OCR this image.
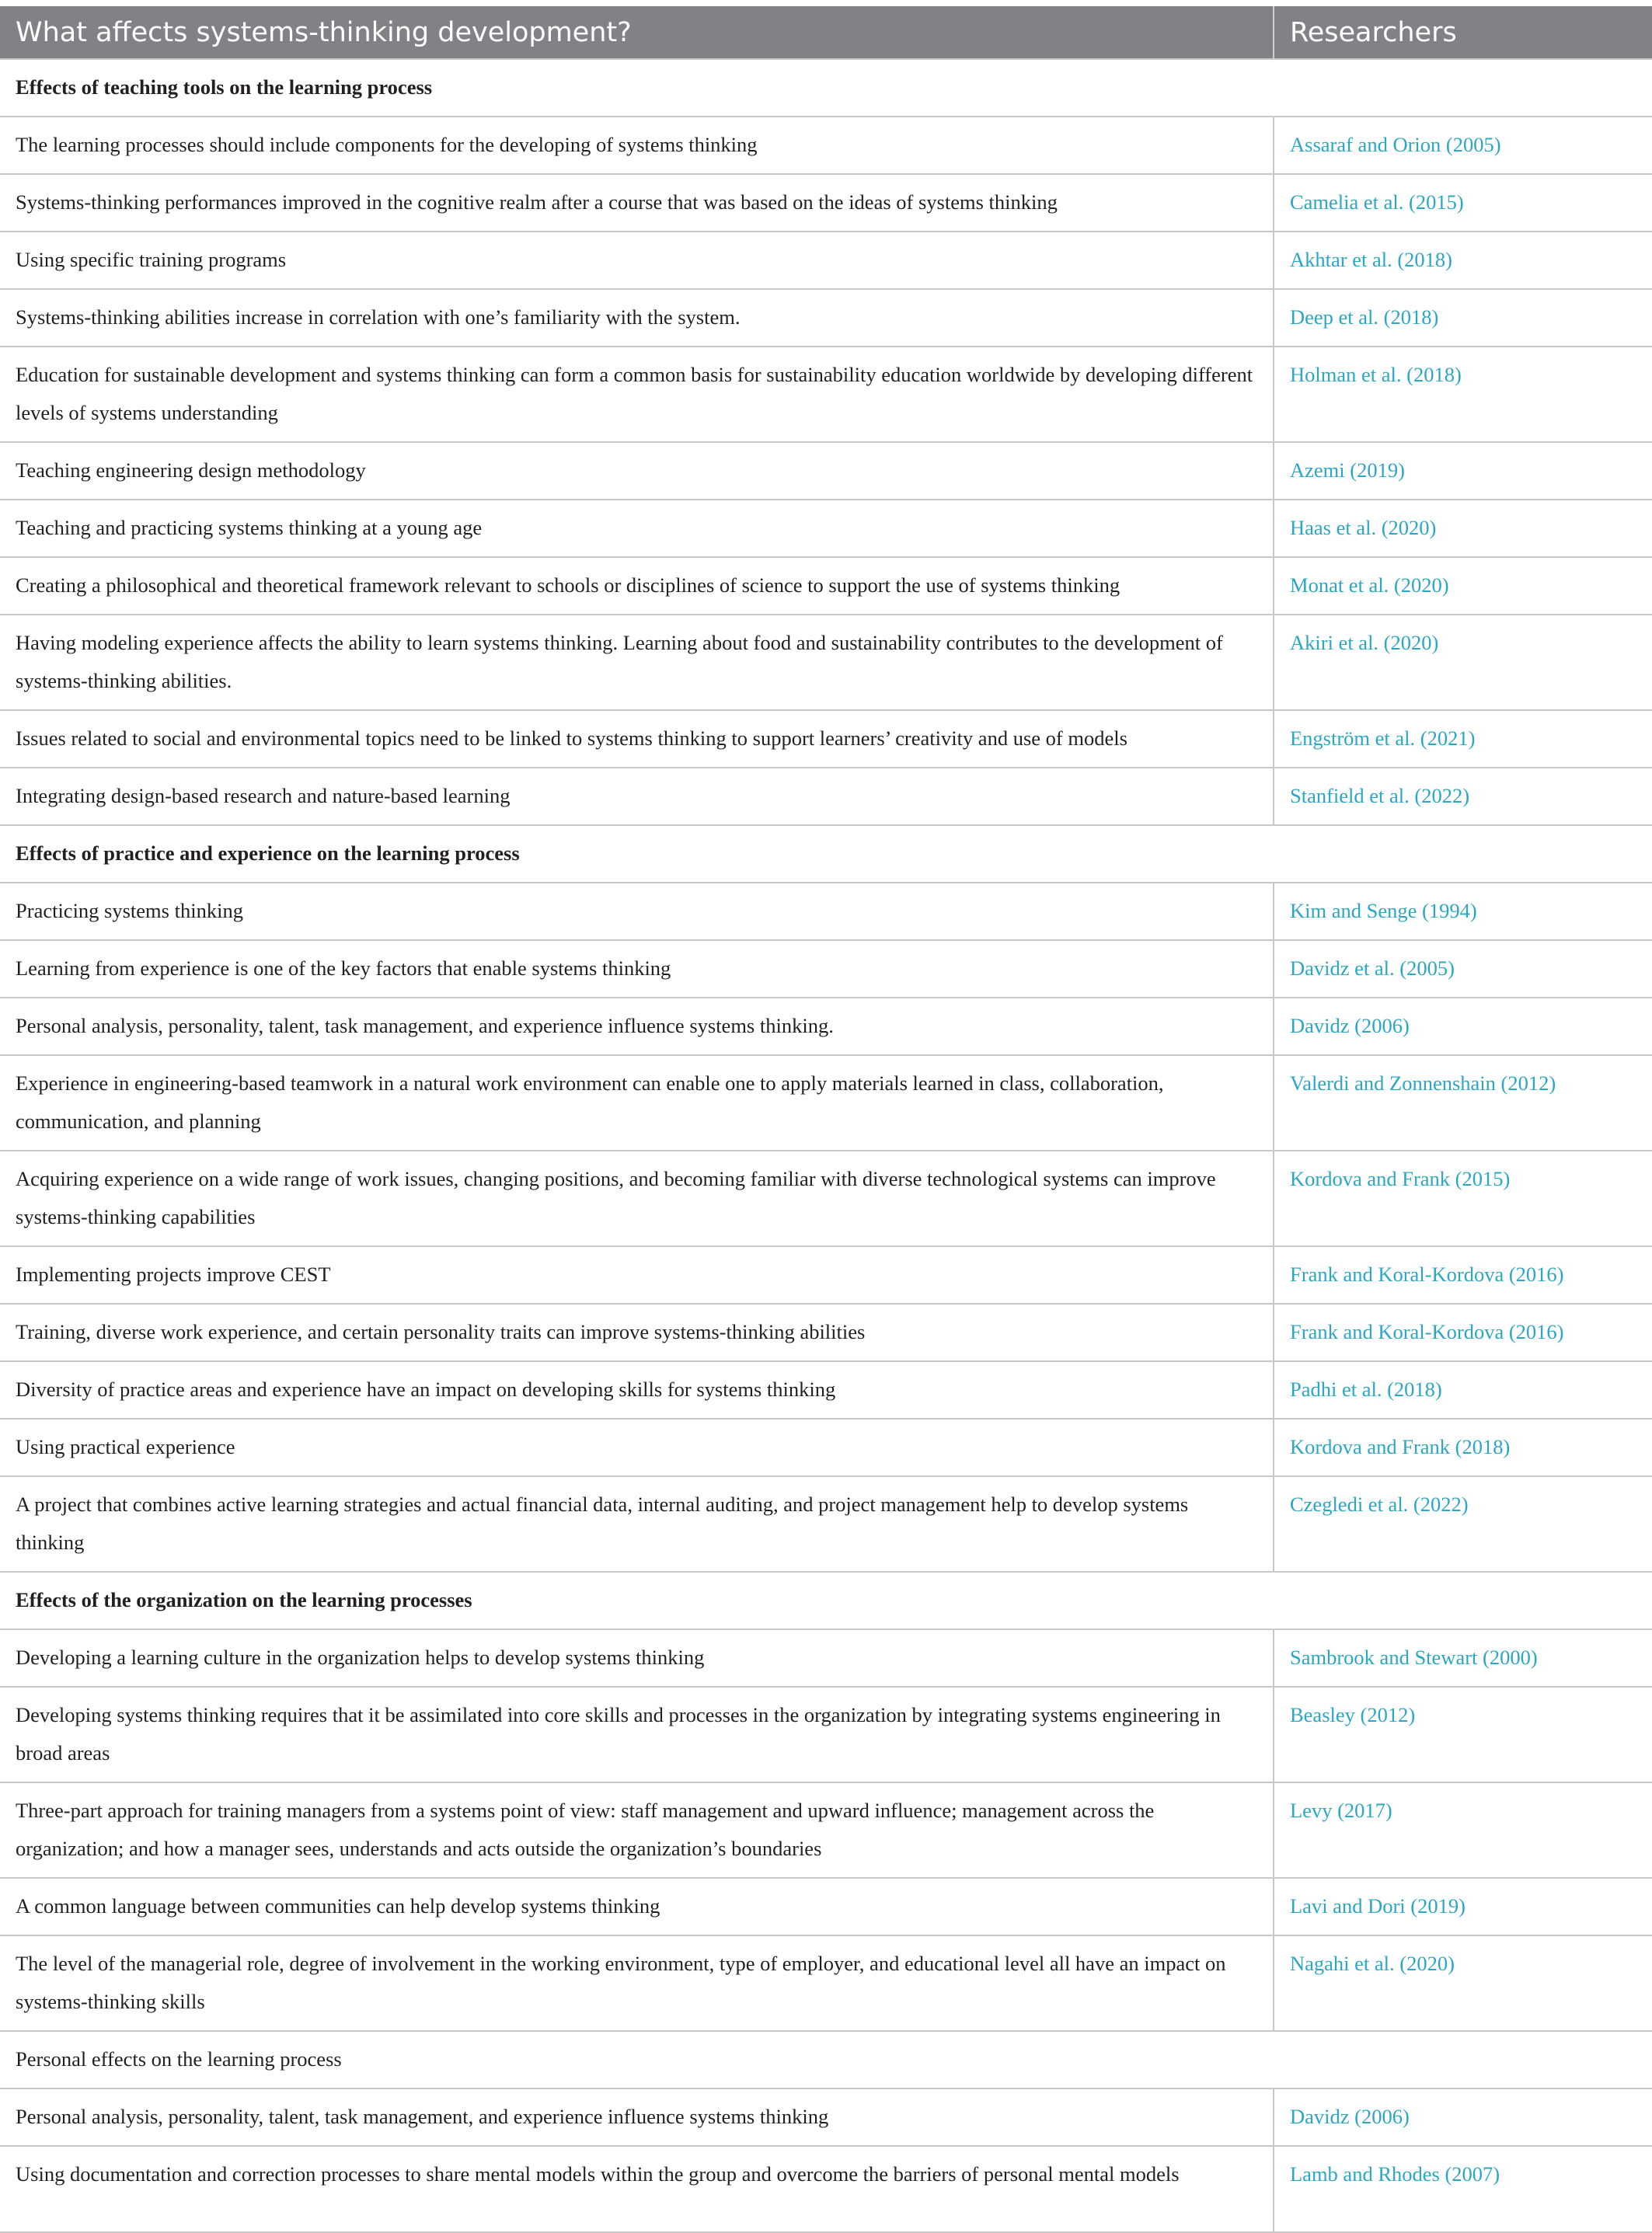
What affects systems-thinking development?	Researchers
Effects of teaching tools on the learning process	
The learning processes should include components for the developing of systems thinking	Assaraf and Orion (2005)
Systems-thinking performances improved in the cognitive realm after a course that was based on the ideas of systems thinking	Camelia et al. (2015)
Using specific training programs	Akhtar et al. (2018)
Systems-thinking abilities increase in correlation with one’s familiarity with the system.	Deep et al. (2018)
Education for sustainable development and systems thinking can form a common basis for sustainability education worldwide by developing different levels of systems understanding	Holman et al. (2018)
Teaching engineering design methodology	Azemi (2019)
Teaching and practicing systems thinking at a young age	Haas et al. (2020)
Creating a philosophical and theoretical framework relevant to schools or disciplines of science to support the use of systems thinking	Monat et al. (2020)
Having modeling experience affects the ability to learn systems thinking. Learning about food and sustainability contributes to the development of systems-thinking abilities.	Akiri et al. (2020)
Issues related to social and environmental topics need to be linked to systems thinking to support learners’ creativity and use of models	Engström et al. (2021)
Integrating design-based research and nature-based learning	Stanfield et al. (2022)
Effects of practice and experience on the learning process	
Practicing systems thinking	Kim and Senge (1994)
Learning from experience is one of the key factors that enable systems thinking	Davidz et al. (2005)
Personal analysis, personality, talent, task management, and experience influence systems thinking.	Davidz (2006)
Experience in engineering-based teamwork in a natural work environment can enable one to apply materials learned in class, collaboration, communication, and planning	Valerdi and Zonnenshain (2012)
Acquiring experience on a wide range of work issues, changing positions, and becoming familiar with diverse technological systems can improve systems-thinking capabilities	Kordova and Frank (2015)
Implementing projects improve CEST	Frank and Koral-Kordova (2016)
Training, diverse work experience, and certain personality traits can improve systems-thinking abilities	Frank and Koral-Kordova (2016)
Diversity of practice areas and experience have an impact on developing skills for systems thinking	Padhi et al. (2018)
Using practical experience	Kordova and Frank (2018)
A project that combines active learning strategies and actual financial data, internal auditing, and project management help to develop systems thinking	Czegledi et al. (2022)
Effects of the organization on the learning processes	
Developing a learning culture in the organization helps to develop systems thinking	Sambrook and Stewart (2000)
Developing systems thinking requires that it be assimilated into core skills and processes in the organization by integrating systems engineering in broad areas	Beasley (2012)
Three-part approach for training managers from a systems point of view: staff management and upward influence; management across the organization; and how a manager sees, understands and acts outside the organization’s boundaries	Levy (2017)
A common language between communities can help develop systems thinking	Lavi and Dori (2019)
The level of the managerial role, degree of involvement in the working environment, type of employer, and educational level all have an impact on systems-thinking skills	Nagahi et al. (2020)
Personal effects on the learning process	
Personal analysis, personality, talent, task management, and experience influence systems thinking	Davidz (2006)
Using documentation and correction processes to share mental models within the group and overcome the barriers of personal mental models	Lamb and Rhodes (2007)
